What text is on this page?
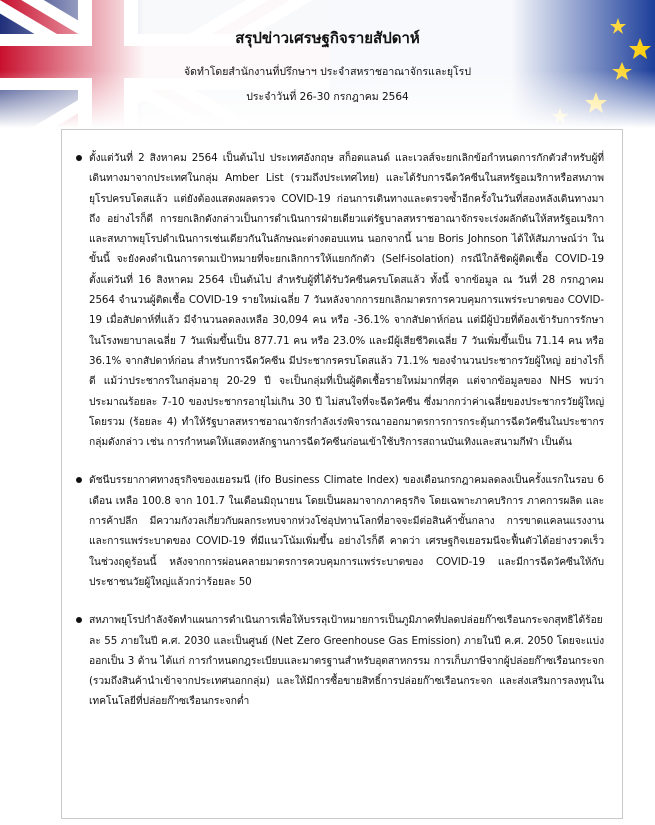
สรุปข่าวเศรษฐกิจรายสัปดาห์
จัดทำโดยสำนักงานที่ปรึกษาฯ ประจำสหราชอาณาจักรและยุโรป
ประจำวันที่ 26-30 กรกฎาคม 2564

ตั้งแต่วันที่ 2 สิงหาคม 2564 เป็นต้นไป ประเทศอังกฤษ สก็อตแลนด์ และเวลส์จะยกเลิกข้อกำหนดการกักตัวสำหรับผู้ที่เดินทางมาจากประเทศในกลุ่ม Amber List (รวมถึงประเทศไทย) และได้รับการฉีดวัคซีนในสหรัฐอเมริกาหรือสหภาพยุโรปครบโดสแล้ว แต่ยังต้องแสดงผลตรวจ COVID-19 ก่อนการเดินทางและตรวจซ้ำอีกครั้งในวันที่สองหลังเดินทางมาถึง อย่างไรก็ดี การยกเลิกดังกล่าวเป็นการดำเนินการฝ่ายเดียวแต่รัฐบาลสหราชอาณาจักรจะเร่งผลักดันให้สหรัฐอเมริกาและสหภาพยุโรปดำเนินการเช่นเดียวกันในลักษณะต่างตอบแทน นอกจากนี้ นาย Boris Johnson ได้ให้สัมภาษณ์ว่า ในขั้นนี้ จะยังคงดำเนินการตามเป้าหมายที่จะยกเลิกการให้แยกกักตัว (Self-isolation) กรณีใกล้ชิดผู้ติดเชื้อ COVID-19 ตั้งแต่วันที่ 16 สิงหาคม 2564 เป็นต้นไป สำหรับผู้ที่ได้รับวัคซีนครบโดสแล้ว ทั้งนี้ จากข้อมูล ณ วันที่ 28 กรกฎาคม 2564 จำนวนผู้ติดเชื้อ COVID-19 รายใหม่เฉลี่ย 7 วันหลังจากการยกเลิกมาตรการควบคุมการแพร่ระบาดของ COVID-19 เมื่อสัปดาห์ที่แล้ว มีจำนวนลดลงเหลือ 30,094 คน หรือ -36.1% จากสัปดาห์ก่อน แต่มีผู้ป่วยที่ต้องเข้ารับการรักษาในโรงพยาบาลเฉลี่ย 7 วันเพิ่มขึ้นเป็น 877.71 คน หรือ 23.0% และมีผู้เสียชีวิตเฉลี่ย 7 วันเพิ่มขึ้นเป็น 71.14 คน หรือ 36.1% จากสัปดาห์ก่อน สำหรับการฉีดวัคซีน มีประชากรครบโดสแล้ว 71.1% ของจำนวนประชากรวัยผู้ใหญ่ อย่างไรก็ดี แม้ว่าประชากรในกลุ่มอายุ 20-29 ปี จะเป็นกลุ่มที่เป็นผู้ติดเชื้อรายใหม่มากที่สุด แต่จากข้อมูลของ NHS พบว่า ประมาณร้อยละ 7-10 ของประชากรอายุไม่เกิน 30 ปี ไม่สนใจที่จะฉีดวัคซีน ซึ่งมากกว่าค่าเฉลี่ยของประชากรวัยผู้ใหญ่โดยรวม (ร้อยละ 4) ทำให้รัฐบาลสหราชอาณาจักรกำลังเร่งพิจารณาออกมาตรการการกระตุ้นการฉีดวัคซีนในประชากรกลุ่มดังกล่าว เช่น การกำหนดให้แสดงหลักฐานการฉีดวัคซีนก่อนเข้าใช้บริการสถานบันเทิงและสนามกีฬา เป็นต้น

ดัชนีบรรยากาศทางธุรกิจของเยอรมนี (ifo Business Climate Index) ของเดือนกรกฎาคมลดลงเป็นครั้งแรกในรอบ 6 เดือน เหลือ 100.8 จาก 101.7 ในเดือนมิถุนายน โดยเป็นผลมาจากภาคธุรกิจ โดยเฉพาะภาคบริการ ภาคการผลิต และการค้าปลีก มีความกังวลเกี่ยวกับผลกระทบจากห่วงโซ่อุปทานโลกที่อาจจะมีต่อสินค้าขั้นกลาง การขาดแคลนแรงงาน และการแพร่ระบาดของ COVID-19 ที่มีแนวโน้มเพิ่มขึ้น อย่างไรก็ดี คาดว่า เศรษฐกิจเยอรมนีจะฟื้นตัวได้อย่างรวดเร็วในช่วงฤดูร้อนนี้ หลังจากการผ่อนคลายมาตรการควบคุมการแพร่ระบาดของ COVID-19 และมีการฉีดวัคซีนให้กับประชาชนวัยผู้ใหญ่แล้วกว่าร้อยละ 50

สหภาพยุโรปกำลังจัดทำแผนการดำเนินการเพื่อให้บรรลุเป้าหมายการเป็นภูมิภาคที่ปลดปล่อยก๊าซเรือนกระจกสุทธิได้ร้อยละ 55 ภายในปี ค.ศ. 2030 และเป็นศูนย์ (Net Zero Greenhouse Gas Emission) ภายในปี ค.ศ. 2050 โดยจะแบ่งออกเป็น 3 ด้าน ได้แก่ การกำหนดกฎระเบียบและมาตรฐานสำหรับอุตสาหกรรม การเก็บภาษีจากผู้ปล่อยก๊าซเรือนกระจก (รวมถึงสินค้านำเข้าจากประเทศนอกกลุ่ม) และให้มีการซื้อขายสิทธิ์การปล่อยก๊าซเรือนกระจก และส่งเสริมการลงทุนในเทคโนโลยีที่ปล่อยก๊าซเรือนกระจกต่ำ
